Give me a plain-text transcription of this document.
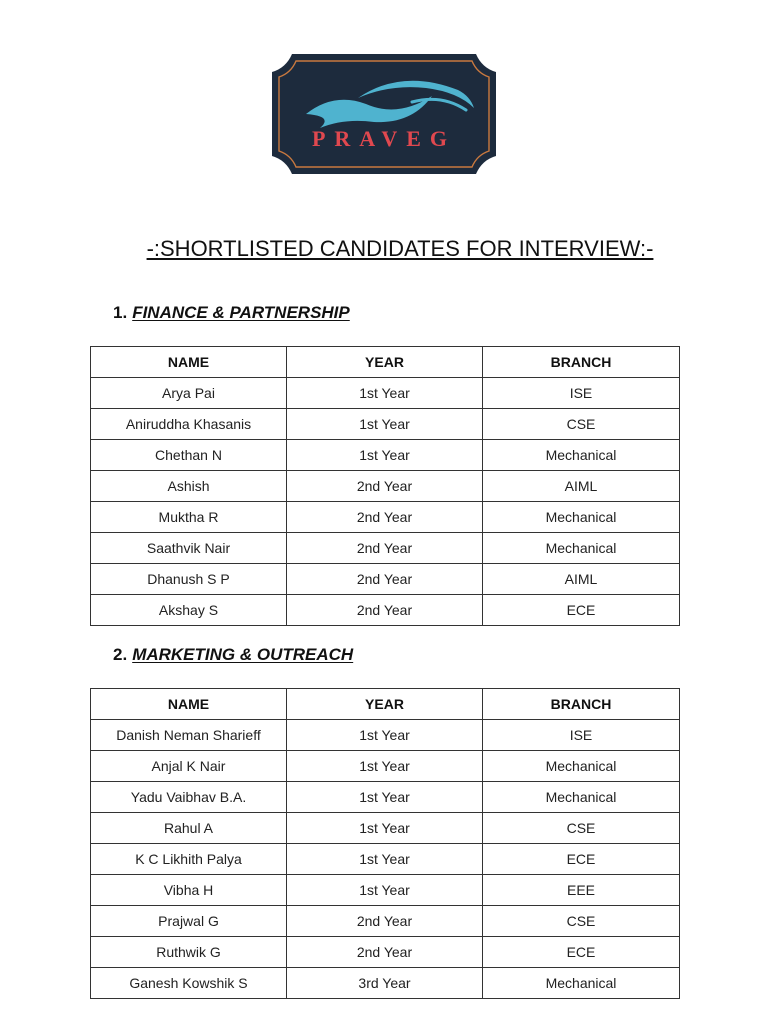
PRAVEG
-:SHORTLISTED CANDIDATES FOR INTERVIEW:-
1. FINANCE & PARTNERSHIP
NAME	YEAR	BRANCH
Arya Pai	1st Year	ISE
Aniruddha Khasanis	1st Year	CSE
Chethan N	1st Year	Mechanical
Ashish	2nd Year	AIML
Muktha R	2nd Year	Mechanical
Saathvik Nair	2nd Year	Mechanical
Dhanush S P	2nd Year	AIML
Akshay S	2nd Year	ECE
2. MARKETING & OUTREACH
NAME	YEAR	BRANCH
Danish Neman Sharieff	1st Year	ISE
Anjal K Nair	1st Year	Mechanical
Yadu Vaibhav B.A.	1st Year	Mechanical
Rahul A	1st Year	CSE
K C Likhith Palya	1st Year	ECE
Vibha H	1st Year	EEE
Prajwal G	2nd Year	CSE
Ruthwik G	2nd Year	ECE
Ganesh Kowshik S	3rd Year	Mechanical
